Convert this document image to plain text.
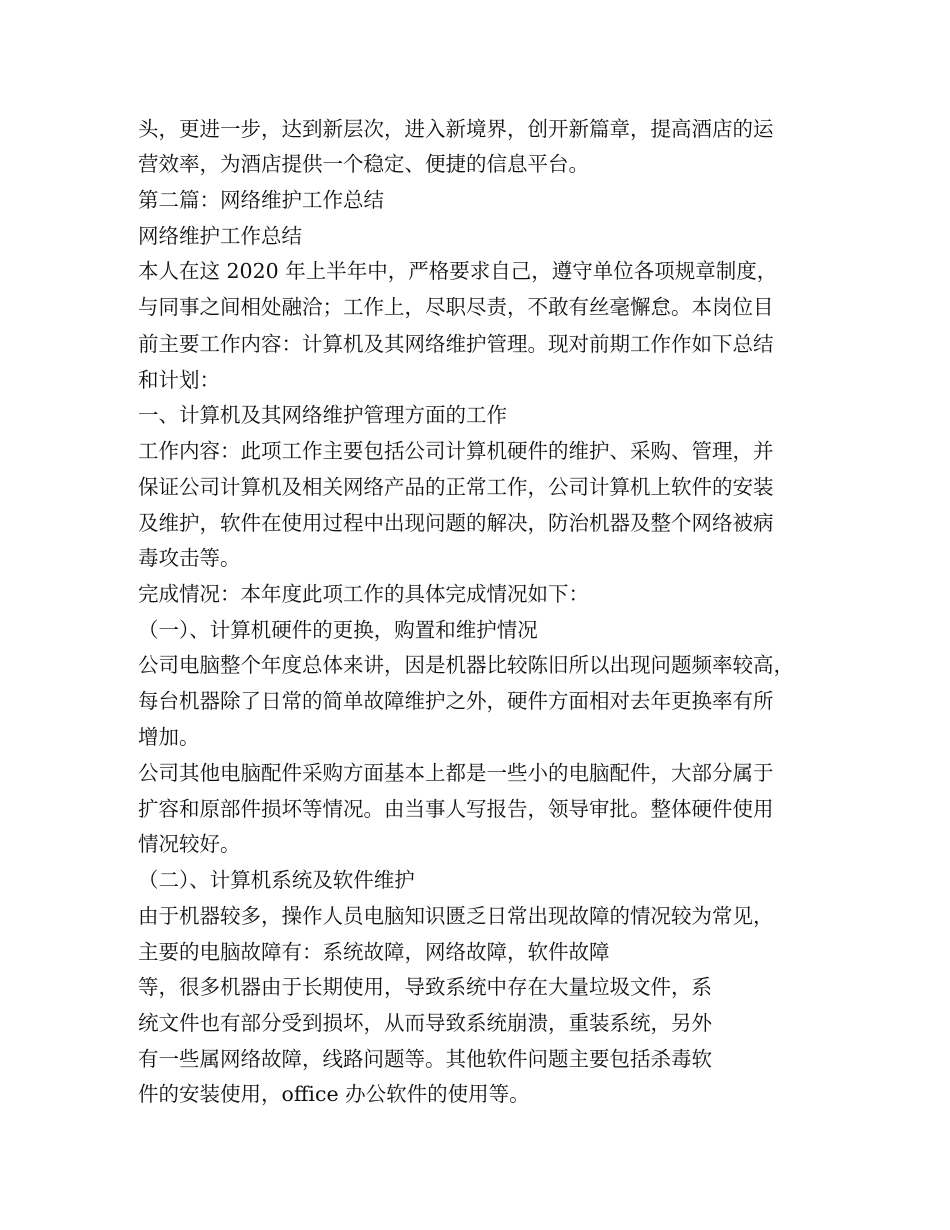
头，更进一步，达到新层次，进入新境界，创开新篇章，提高酒店的运
营效率，为酒店提供一个稳定、便捷的信息平台。
第二篇：网络维护工作总结
网络维护工作总结
本人在这 2020 年上半年中，严格要求自己，遵守单位各项规章制度，
与同事之间相处融洽；工作上，尽职尽责，不敢有丝毫懈怠。本岗位目
前主要工作内容：计算机及其网络维护管理。现对前期工作作如下总结
和计划：
一、计算机及其网络维护管理方面的工作
工作内容：此项工作主要包括公司计算机硬件的维护、采购、管理，并
保证公司计算机及相关网络产品的正常工作，公司计算机上软件的安装
及维护，软件在使用过程中出现问题的解决，防治机器及整个网络被病
毒攻击等。
完成情况：本年度此项工作的具体完成情况如下：
（一）、计算机硬件的更换，购置和维护情况
公司电脑整个年度总体来讲，因是机器比较陈旧所以出现问题频率较高，
每台机器除了日常的简单故障维护之外，硬件方面相对去年更换率有所
增加。
公司其他电脑配件采购方面基本上都是一些小的电脑配件，大部分属于
扩容和原部件损坏等情况。由当事人写报告，领导审批。整体硬件使用
情况较好。
（二）、计算机系统及软件维护
由于机器较多，操作人员电脑知识匮乏日常出现故障的情况较为常见，
主要的电脑故障有：系统故障，网络故障，软件故障
等，很多机器由于长期使用，导致系统中存在大量垃圾文件，系
统文件也有部分受到损坏，从而导致系统崩溃，重装系统，另外
有一些属网络故障，线路问题等。其他软件问题主要包括杀毒软
件的安装使用，office 办公软件的使用等。
